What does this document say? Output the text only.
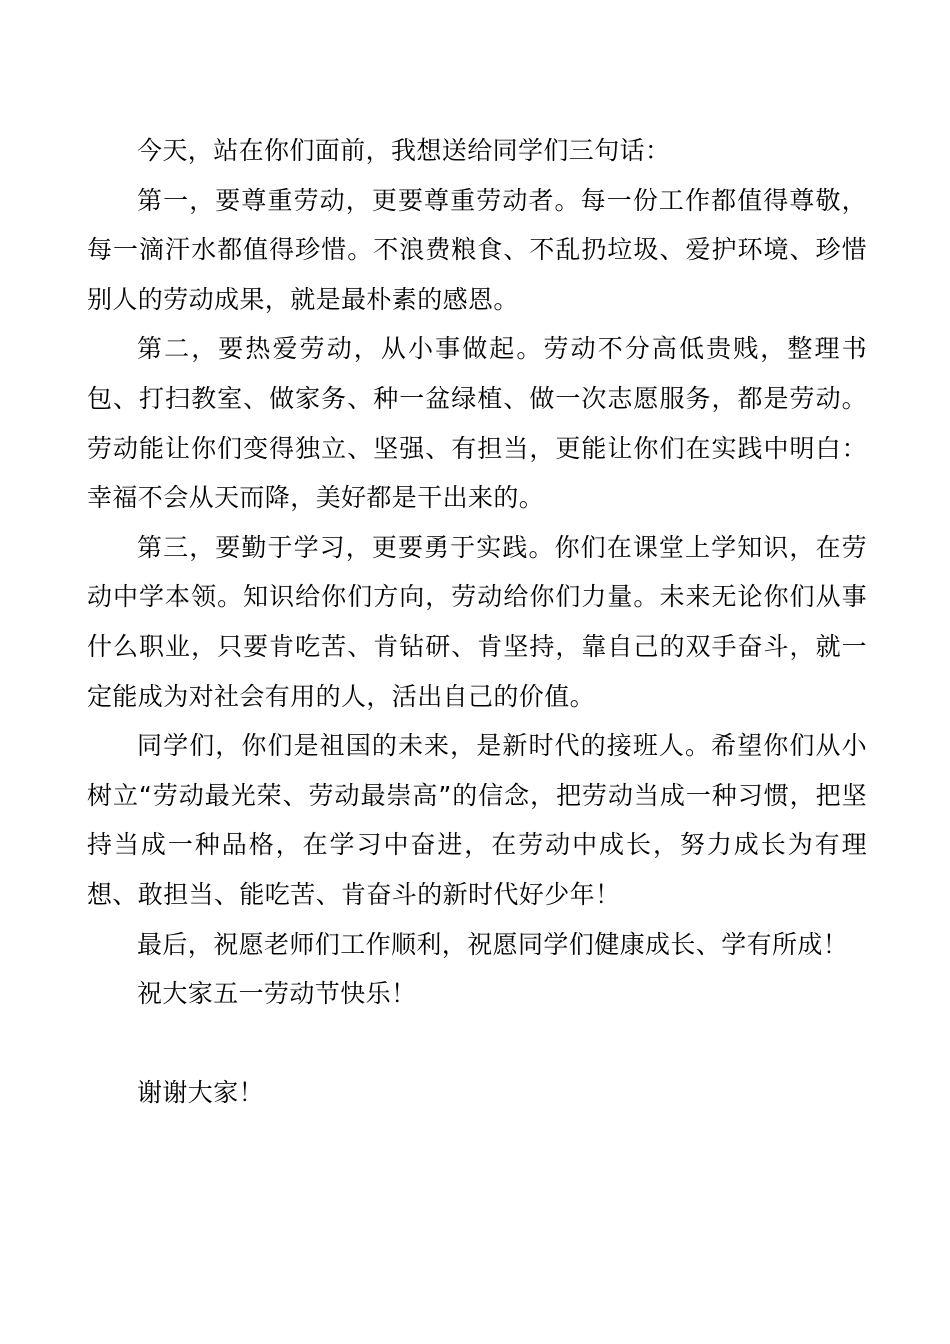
今天，站在你们面前，我想送给同学们三句话：

第一，要尊重劳动，更要尊重劳动者。每一份工作都值得尊敬，每一滴汗水都值得珍惜。不浪费粮食、不乱扔垃圾、爱护环境、珍惜别人的劳动成果，就是最朴素的感恩。

第二，要热爱劳动，从小事做起。劳动不分高低贵贱，整理书包、打扫教室、做家务、种一盆绿植、做一次志愿服务，都是劳动。劳动能让你们变得独立、坚强、有担当，更能让你们在实践中明白：幸福不会从天而降，美好都是干出来的。

第三，要勤于学习，更要勇于实践。你们在课堂上学知识，在劳动中学本领。知识给你们方向，劳动给你们力量。未来无论你们从事什么职业，只要肯吃苦、肯钻研、肯坚持，靠自己的双手奋斗，就一定能成为对社会有用的人，活出自己的价值。

同学们，你们是祖国的未来，是新时代的接班人。希望你们从小树立“劳动最光荣、劳动最崇高”的信念，把劳动当成一种习惯，把坚持当成一种品格，在学习中奋进，在劳动中成长，努力成长为有理想、敢担当、能吃苦、肯奋斗的新时代好少年！

最后，祝愿老师们工作顺利，祝愿同学们健康成长、学有所成！

祝大家五一劳动节快乐！

谢谢大家！
